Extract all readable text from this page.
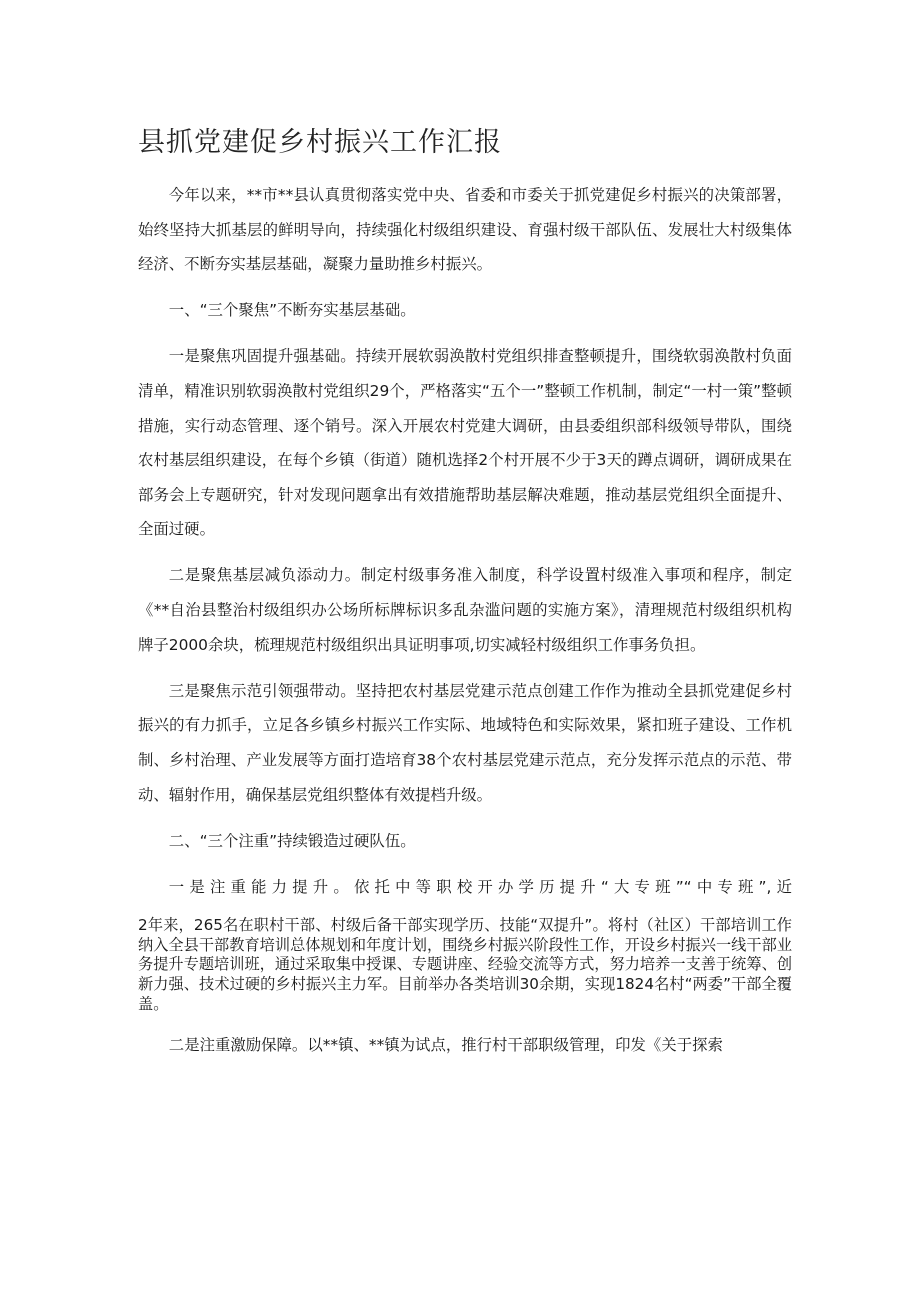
县抓党建促乡村振兴工作汇报

今年以来，**市**县认真贯彻落实党中央、省委和市委关于抓党建促乡村振兴的决策部署，始终坚持大抓基层的鲜明导向，持续强化村级组织建设、育强村级干部队伍、发展壮大村级集体经济、不断夯实基层基础，凝聚力量助推乡村振兴。

一、“三个聚焦”不断夯实基层基础。

一是聚焦巩固提升强基础。持续开展软弱涣散村党组织排查整顿提升，围绕软弱涣散村负面清单，精准识别软弱涣散村党组织29个，严格落实“五个一”整顿工作机制，制定“一村一策”整顿措施，实行动态管理、逐个销号。深入开展农村党建大调研，由县委组织部科级领导带队，围绕农村基层组织建设，在每个乡镇（街道）随机选择2个村开展不少于3天的蹲点调研，调研成果在部务会上专题研究，针对发现问题拿出有效措施帮助基层解决难题，推动基层党组织全面提升、全面过硬。

二是聚焦基层减负添动力。制定村级事务准入制度，科学设置村级准入事项和程序，制定《**自治县整治村级组织办公场所标牌标识多乱杂滥问题的实施方案》，清理规范村级组织机构牌子2000余块，梳理规范村级组织出具证明事项,切实减轻村级组织工作事务负担。

三是聚焦示范引领强带动。坚持把农村基层党建示范点创建工作作为推动全县抓党建促乡村振兴的有力抓手，立足各乡镇乡村振兴工作实际、地域特色和实际效果，紧扣班子建设、工作机制、乡村治理、产业发展等方面打造培育38个农村基层党建示范点，充分发挥示范点的示范、带动、辐射作用，确保基层党组织整体有效提档升级。

二、“三个注重”持续锻造过硬队伍。

一是注重能力提升。依托中等职校开办学历提升“大专班”“中专班”,近

2年来，265名在职村干部、村级后备干部实现学历、技能“双提升”。将村（社区）干部培训工作纳入全县干部教育培训总体规划和年度计划，围绕乡村振兴阶段性工作，开设乡村振兴一线干部业务提升专题培训班，通过采取集中授课、专题讲座、经验交流等方式，努力培养一支善于统筹、创新力强、技术过硬的乡村振兴主力军。目前举办各类培训30余期，实现1824名村“两委”干部全覆盖。

二是注重激励保障。以**镇、**镇为试点，推行村干部职级管理，印发《关于探索
